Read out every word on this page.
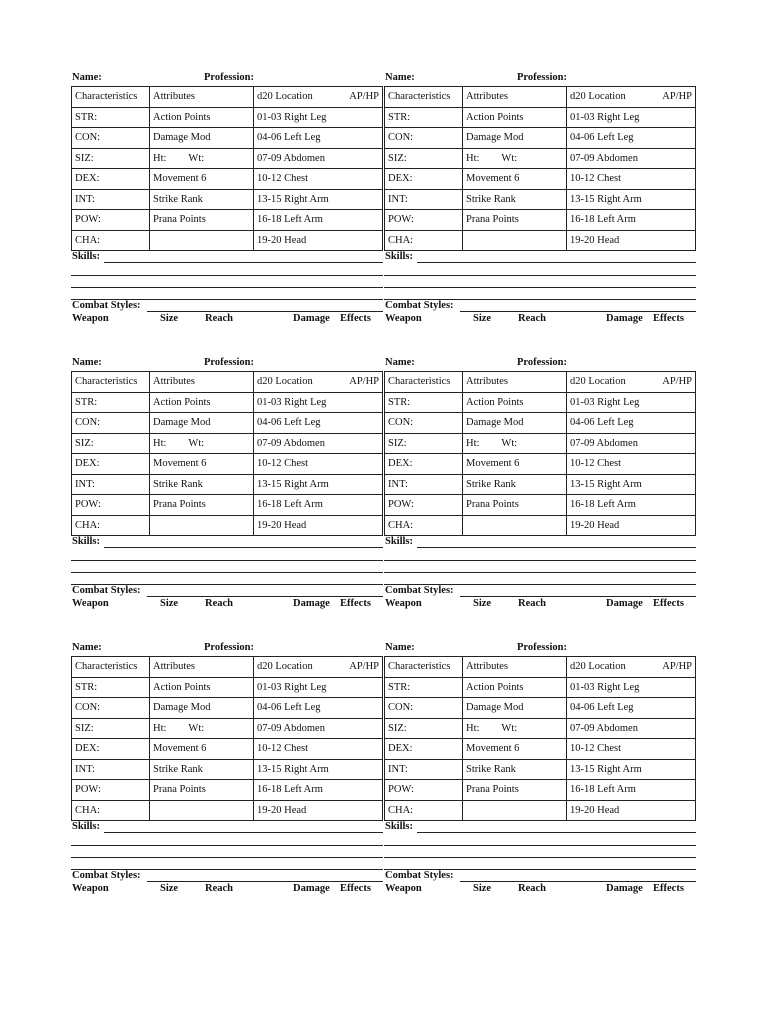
Name:	Profession:
Characteristics	Attributes	d20 Location AP/HP

STR:	Action Points	01-03 Right Leg

CON:	Damage Mod	04-06 Left Leg

SIZ:	Ht: Wt:	07-09 Abdomen

DEX:	Movement 6	10-12 Chest

INT:	Strike Rank	13-15 Right Arm

POW:	Prana Points	16-18 Left Arm

CHA:		19-20 Head
Skills:
Combat Styles:
Weapon	Size	Reach	Damage Effects
Name:	Profession:
Characteristics	Attributes	d20 Location AP/HP

STR:	Action Points	01-03 Right Leg

CON:	Damage Mod	04-06 Left Leg

SIZ:	Ht: Wt:	07-09 Abdomen

DEX:	Movement 6	10-12 Chest

INT:	Strike Rank	13-15 Right Arm

POW:	Prana Points	16-18 Left Arm

CHA:		19-20 Head
Skills:
Combat Styles:
Weapon	Size	Reach	Damage Effects
Name:	Profession:
Characteristics	Attributes	d20 Location AP/HP

STR:	Action Points	01-03 Right Leg

CON:	Damage Mod	04-06 Left Leg

SIZ:	Ht: Wt:	07-09 Abdomen

DEX:	Movement 6	10-12 Chest

INT:	Strike Rank	13-15 Right Arm

POW:	Prana Points	16-18 Left Arm

CHA:		19-20 Head
Skills:
Combat Styles:
Weapon	Size	Reach	Damage Effects
Name:	Profession:
Characteristics	Attributes	d20 Location AP/HP

STR:	Action Points	01-03 Right Leg

CON:	Damage Mod	04-06 Left Leg

SIZ:	Ht: Wt:	07-09 Abdomen

DEX:	Movement 6	10-12 Chest

INT:	Strike Rank	13-15 Right Arm

POW:	Prana Points	16-18 Left Arm

CHA:		19-20 Head
Skills:
Combat Styles:
Weapon	Size	Reach	Damage Effects
Name:	Profession:
Characteristics	Attributes	d20 Location AP/HP

STR:	Action Points	01-03 Right Leg

CON:	Damage Mod	04-06 Left Leg

SIZ:	Ht: Wt:	07-09 Abdomen

DEX:	Movement 6	10-12 Chest

INT:	Strike Rank	13-15 Right Arm

POW:	Prana Points	16-18 Left Arm

CHA:		19-20 Head
Skills:
Combat Styles:
Weapon	Size	Reach	Damage Effects
Name:	Profession:
Characteristics	Attributes	d20 Location AP/HP

STR:	Action Points	01-03 Right Leg

CON:	Damage Mod	04-06 Left Leg

SIZ:	Ht: Wt:	07-09 Abdomen

DEX:	Movement 6	10-12 Chest

INT:	Strike Rank	13-15 Right Arm

POW:	Prana Points	16-18 Left Arm

CHA:		19-20 Head
Skills:
Combat Styles:
Weapon	Size	Reach	Damage Effects
